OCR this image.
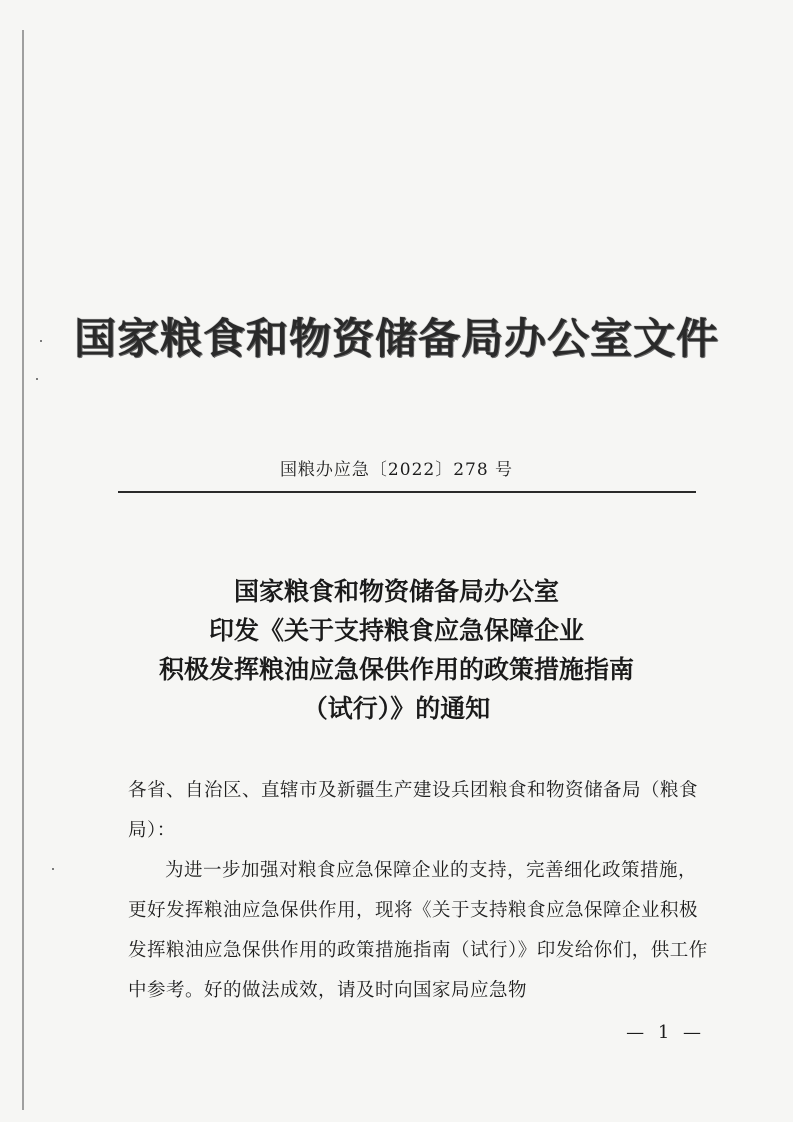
国家粮食和物资储备局办公室文件
国粮办应急〔2022〕278 号
国家粮食和物资储备局办公室
印发《关于支持粮食应急保障企业
积极发挥粮油应急保供作用的政策措施指南
（试行）》的通知

各省、自治区、直辖市及新疆生产建设兵团粮食和物资储备局（粮食局）：

为进一步加强对粮食应急保障企业的支持，完善细化政策措施，更好发挥粮油应急保供作用，现将《关于支持粮食应急保障企业积极发挥粮油应急保供作用的政策措施指南（试行）》印发给你们，供工作中参考。好的做法成效，请及时向国家局应急物

— 1 —
